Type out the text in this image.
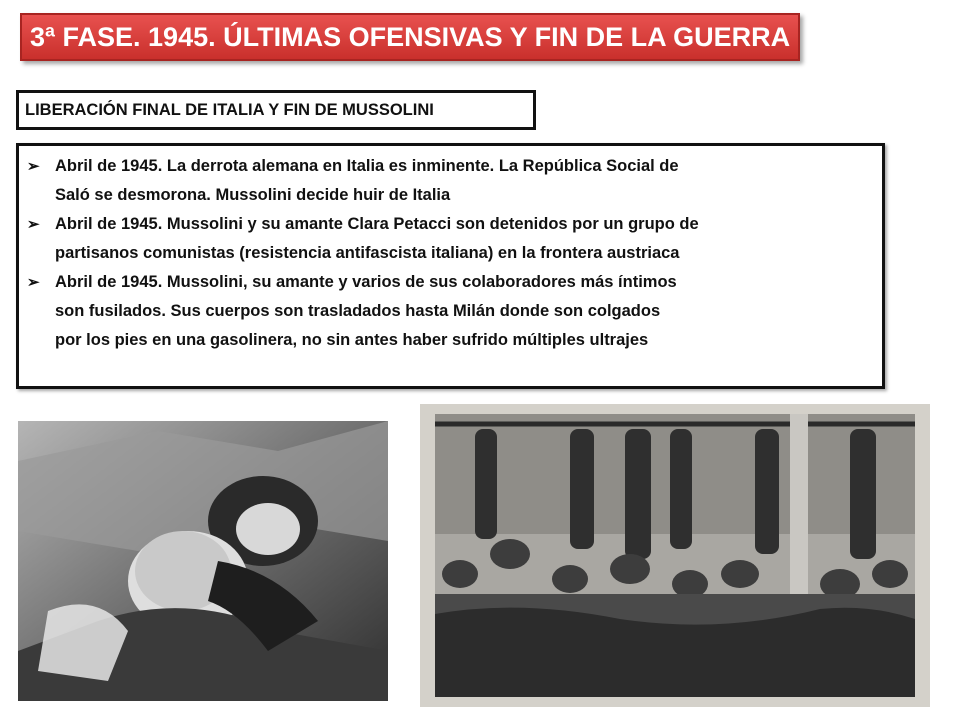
3ª FASE. 1945. ÚLTIMAS OFENSIVAS Y FIN DE LA GUERRA
LIBERACIÓN FINAL DE ITALIA Y FIN DE MUSSOLINI
➢ Abril de 1945. La derrota alemana en Italia es inminente. La República Social de
Saló se desmorona. Mussolini decide huir de Italia
➢ Abril de 1945. Mussolini y su amante Clara Petacci son detenidos por un grupo de
partisanos comunistas (resistencia antifascista italiana) en la frontera austriaca
➢ Abril de 1945. Mussolini, su amante y varios de sus colaboradores más íntimos
son fusilados. Sus cuerpos son trasladados hasta Milán donde son colgados
por los pies en una gasolinera, no sin antes haber sufrido múltiples ultrajes
